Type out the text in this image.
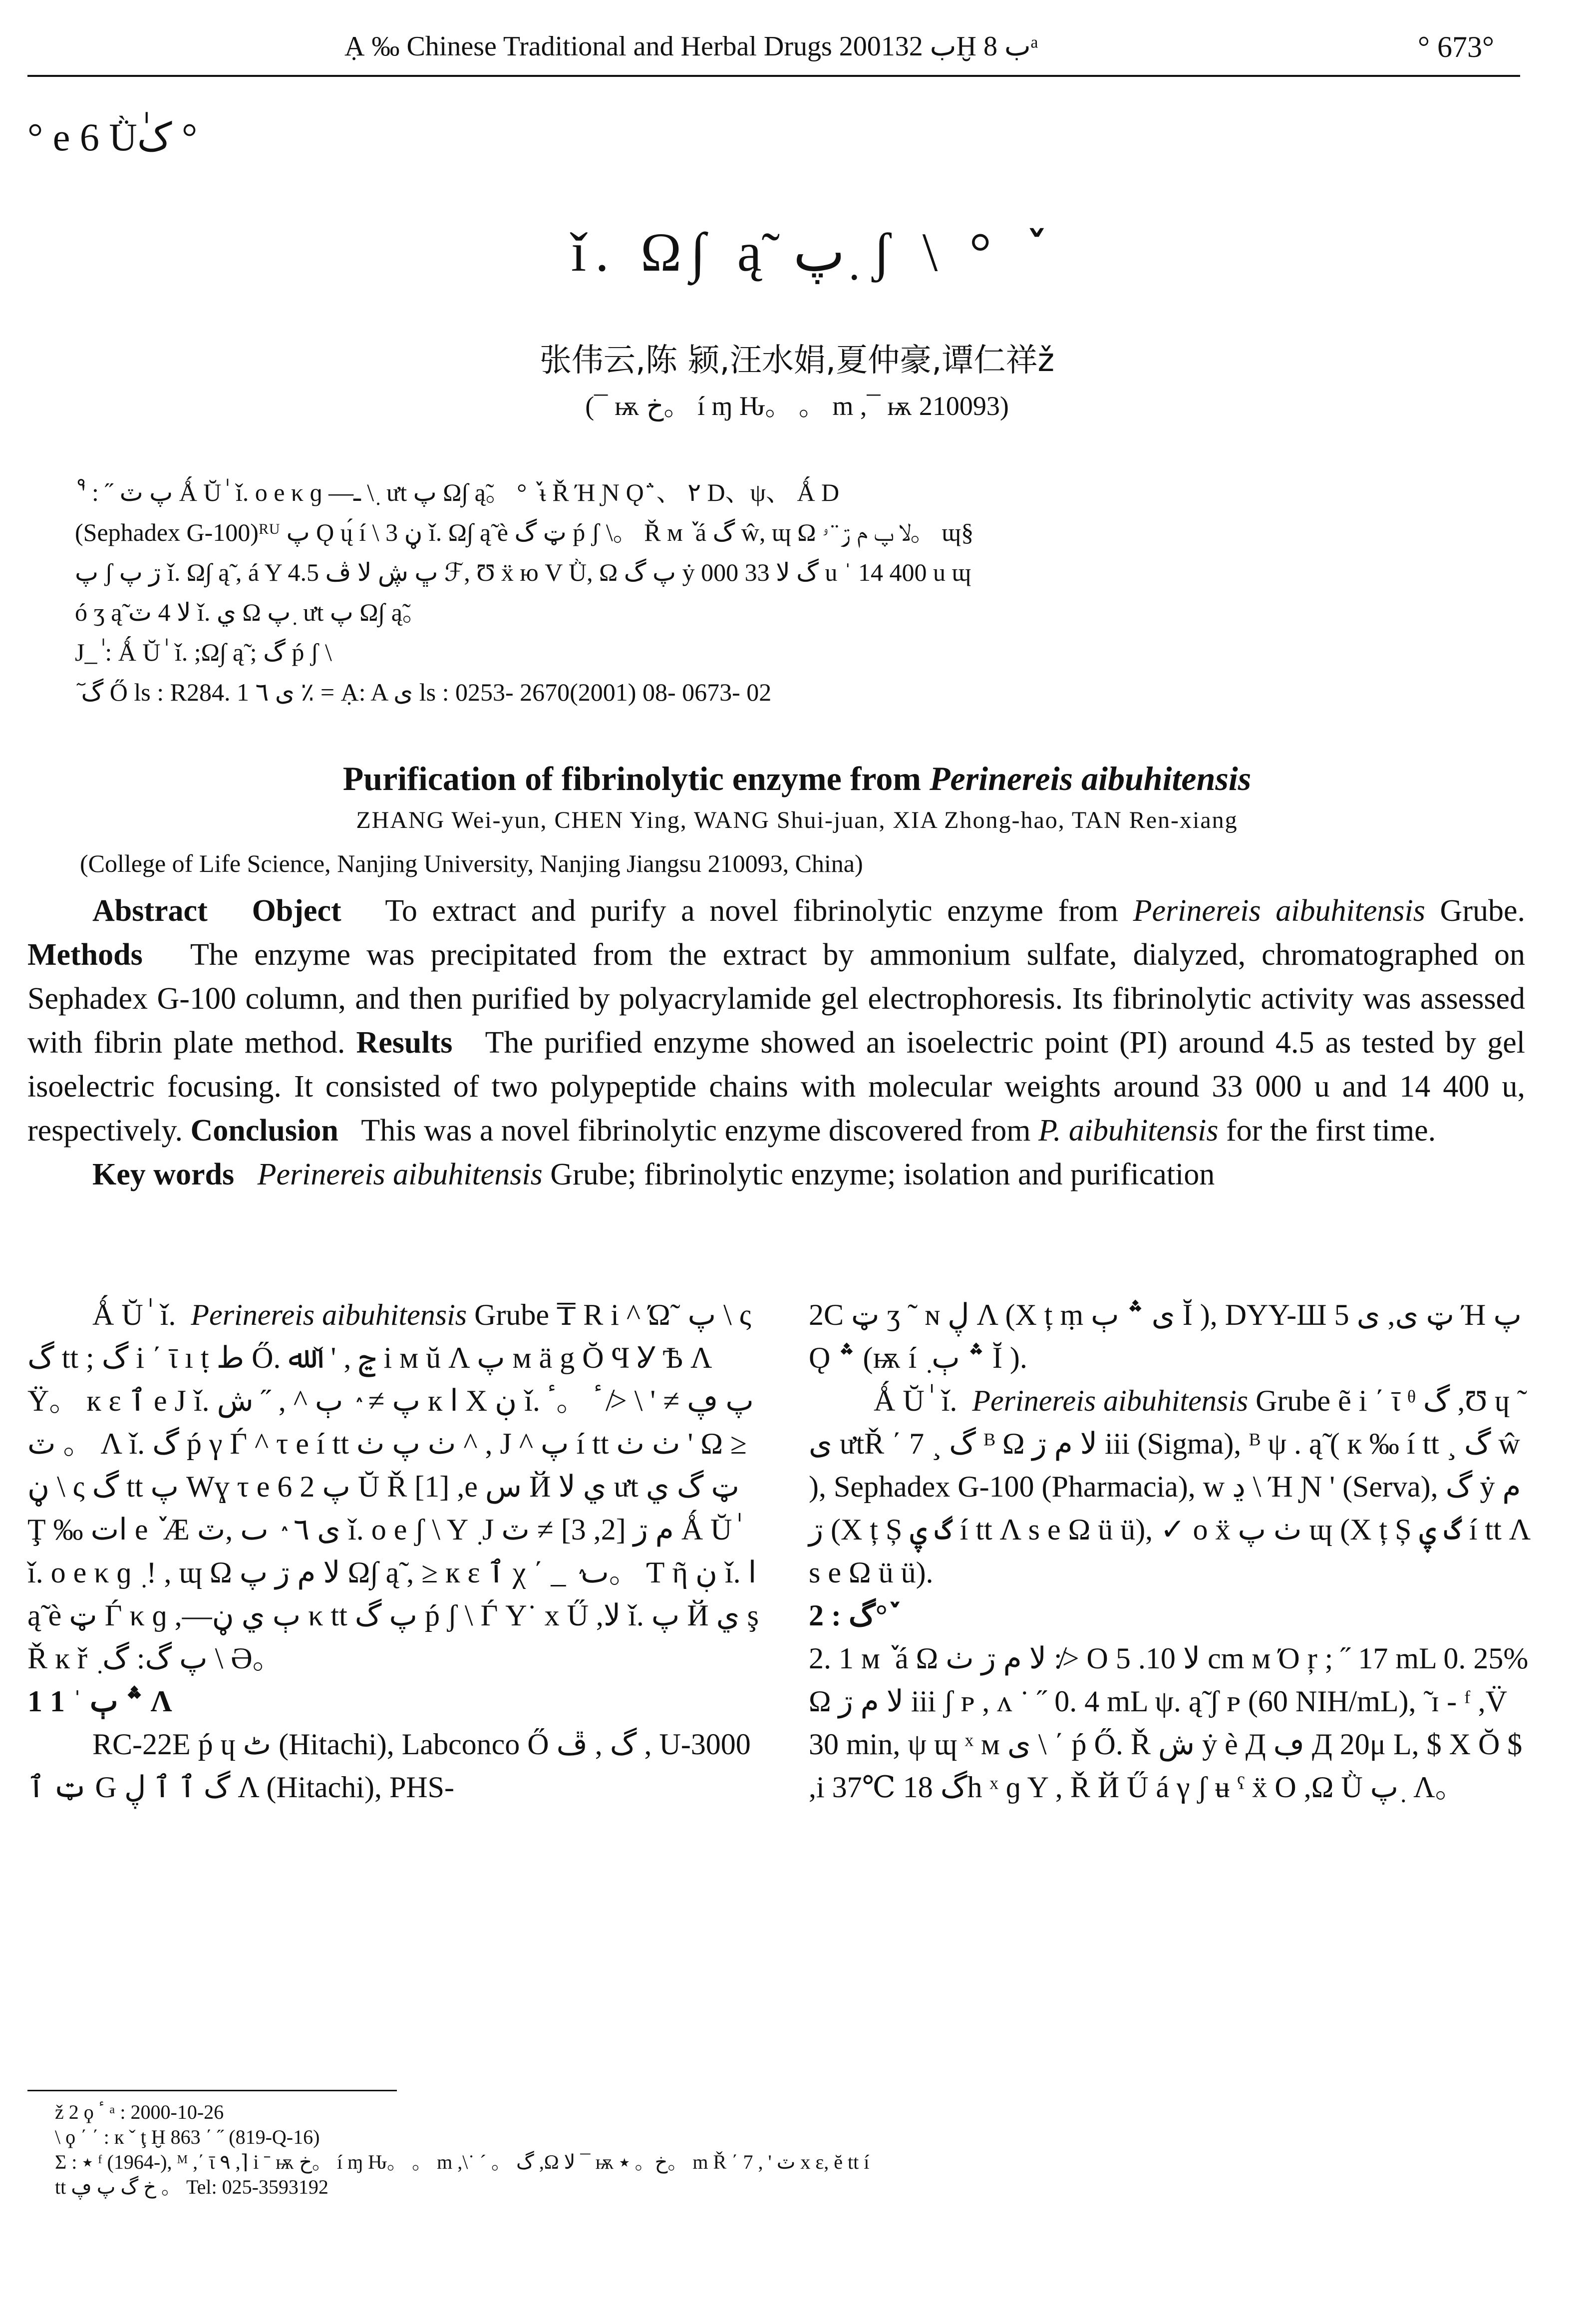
Ạ ‰ Chinese Traditional and Herbal Drugs 2001ب 32Ḫ ب 8ᵃ	° 673°
° e 6 Ǜکٰ °
ǐ. Ω∫ ą̃ پ ٜ ʃ \ ° ٚ
张伟云,陈 颍,汪水娟,夏仲豪,谭仁祥ž
(¯ ѭ خ。 í ɱ Ԋ。 。 m ,¯ ѭ 210093)
ْ ' : ˝ پ ٽ Ǻ Ŭ ٰ ǐ. o e κ ɡ —ـ \ ٜ ưt پ Ω∫ ą̃。 ° ٚ ᵼ Ř Ή Ɲ Ǫ ̓̈ 、 ٢ D、ψ、 Ǻ D
(Sephadex G-100)ᴿᵁ پ Ǫ ų́ í \ 3 ڼ ǐ. Ω∫ ą̃ è ټ گ ṕ ʃ \。 Ř ᴍ ٚ á گ ŵ, ɰ Ω لا پ م ڗ ̈ ۥ。 ɰ§
پ ʃ ڗ پ ǐ. Ω∫ ą̃ , á Y ڀ ڜ لا ڤ 4.5 ℱ, Ʊ ẍ ю V Ǜ, Ω پ گ ẏ گ لا 33 000 u ˈ 14 400 u ɰ
ó ʒ ą̃ لا 4 ٽ ǐ. ي Ω پ ٜ ưt پ Ω∫ ą̃。
J_ ٰ: Ǻ Ŭ ٰ ǐ. ;Ω∫ ą̃ ; گ ṕ ʃ \
ٓ گ Ő ls : R284. 1 ى ٦ ٪ = Ạ: A ى ls : 0253- 2670(2001) 08- 0673- 02
Purification of fibrinolytic enzyme from Perinereis aibuhitensis
ZHANG Wei-yun, CHEN Ying, WANG Shui-juan, XIA Zhong-hao, TAN Ren-xiang
(College of Life Science, Nanjing University, Nanjing Jiangsu 210093, China)

Abstract Object To extract and purify a novel fibrinolytic enzyme from Perinereis aibuhitensis Grube. Methods The enzyme was precipitated from the extract by ammonium sulfate, dialyzed, chromatographed on Sephadex G-100 column, and then purified by polyacrylamide gel electrophoresis. Its fibrinolytic activity was assessed with fibrin plate method. Results The purified enzyme showed an isoelectric point (PI) around 4.5 as tested by gel isoelectric focusing. It consisted of two polypeptide chains with molecular weights around 33 000 u and 14 400 u, respectively. Conclusion This was a novel fibrinolytic enzyme discovered from P. aibuhitensis for the first time.

Key words Perinereis aibuhitensis Grube; fibrinolytic enzyme; isolation and purification

Ǻ Ŭ ٰ ǐ. Perinereis aibuhitensis Grube ₸ R i ^ Ώ˜ پ \ ς گ tt ; گ i ΄ ῑ ı ṭ ط Ő. ڃ , ' ˇ ﷲ i м ŭ Λ پ м ä g Ŏ Ϥ Ỿ Ѣ Λ Ÿ。 к ε ٱ e J ǐ. پ ≠ ٛ ٻ ^ , ˝ ش к ا Χ ڹ ǐ. پ ڥ ≠ ' \ ≯ ٴ 。ٴ 。 ٽ Λ ǐ. گ ṕ γ Ѓ ^ τ e í tt ٺ پ ٺ ^ , J ^ پ í tt ٺ ٺ ' Ω ≥ ڼ \ ς گ tt پ Wɣ τ e 6 پ 2 Ŭ Ř [1] ,e س Й ي لا ưt ټ گ ي Ţ ‰ ات e ٚ Æ ى ٦ ٛ ٮ ,ٽ ǐ. o e ʃ \ Y ٜ J م ڗ [2, 3] ≠ ٽ Ǻ Ŭ ٰ ǐ. o e κ ɡ ٜ ! , ɰ Ω لا م ڗ پ Ω∫ ą̃ , ≥ к ε ٱ χ ΄ _ ٛ ٮ。 Ƭ ῆ ڹ ǐ. ا ą̃ è ټ Ѓ κ ɡ ,—ٻ ي ڼ κ tt پ گ ṕ ʃ \ Ѓ Y˙ x Ű ,لا ǐ. پ Й ي ş Ř ĸ ř ٜ پ گ: گ \ Ә。

1 ؞ ٻ ˈ 1 Λ

RC-22E ṕ ɥ ٹ (Hitachi), Labconco Ő گ , ڦ , U-3000 ټ ٱ G گ ٱ ٱ ڸ Λ (Hitachi), PHS-

2C ټ ʒ ˜ ɴ ڸ Λ (Χ ț ṃ ى ؞ ٻ Ĭ ), DYY-Ш 5 ټ ى, ى Ή پ Ǫ ؞ (ѭ í ٜ ؞ ٻ Ĭ ).

Ǻ Ŭ ٰ ǐ. Perinereis aibuhitensis Grube ẽ i ΄ ῑ ᶿ گ ,Ʊ ɥ ˜ ى ưtŘ ΄ 7 ¸ گ ᴮ Ω لا م ڗ iii (Sigma), ᴮ ψ . ą̃ ( к ‰ í tt ¸ گ ŵ ), Sephadex G-100 (Pharmacia), w ڍ \ Ή Ɲ ' (Serva), گ ẏ م ڗ (Χ ț Ș گ ۑ í tt Λ s e Ω ü ü), ✓ o ẍ ٺ پ ɰ (Χ ț Ș گ ۑ í tt Λ s e Ω ü ü).

2 : گ° ٚ

2. 1 м ٚ á Ω لا م ڗ ٺ :≯ O لا 10. 5 cm м Ό ŗ ; ˝ 17 mL 0. 25% Ω لا م ڗ iii ʃ ᴘ , ᴧ ˙ ˝ 0. 4 mL ψ. ą̃ ʃ ᴘ (60 NIH/mL), ̃ ɪ - ᶠ ,V̈ 30 min, ψ ɰ ˣ м ى \ ΄ ṕ Ő. Ř ش ẏ è Д ڢ Д 20μ L, $ Χ Ŏ $ ,i 37℃ گ 18h ˣ ɡ Y , Ř Й Ű á γ ʃ ʉ ˤ ẍ O ,Ω Ǜ پ ٜ Λ。

ž 2 ϙ ٴ ᵃ : 2000-10-26

\ ϙ ΄ ΄ : к ˇ ţ Ḫ 863 ΄ ˝ (819-Q-16)

Σ : ٭ ᶠ (1964-), ᴹ ,΄ ῑ ٩ ,⌉ i ˉ ѭ خ。 í ɱ Ԋ。 。 m ,\˙ ˊ 。 گ ,Ω لا ¯ ѭ خ。 ٭。 m Ř ΄ 7 , ' ٽ x ε, ĕ tt í

tt خ گ پ ڥ 。 Tel: 025-3593192
